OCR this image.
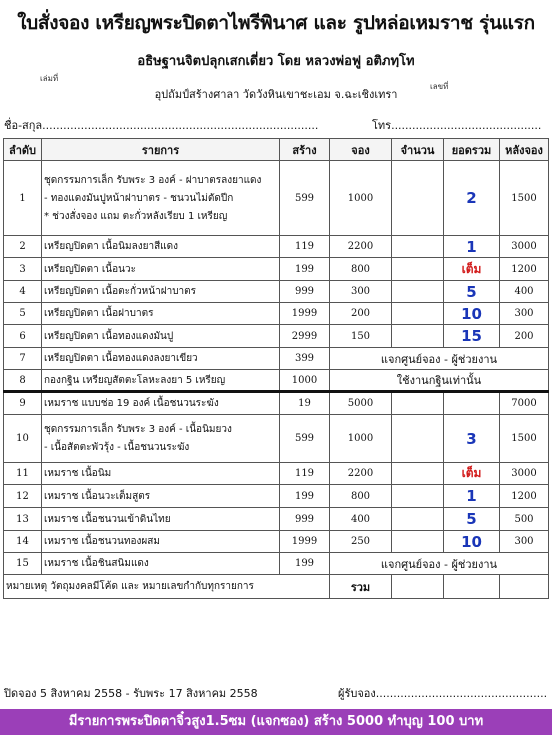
ใบสั่งจอง เหรียญพระปิดตาไพรีพินาศ และ รูปหล่อเหมราช รุ่นแรก
อธิษฐานจิตปลุกเสกเดี่ยว โดย หลวงพ่อฟู อติภทฺโท
เล่มที่
เลขที่
อุปถัมป์สร้างศาลา วัดวังหินเขาชะเอม จ.ฉะเชิงเทรา
ชื่อ-สกุล...............................................................................	โทร...........................................
ลำดับ	รายการ	สร้าง	จอง	จำนวน	ยอดรวม	หลังจอง
1	ชุดกรรมการเล็ก รับพระ 3 องค์ - ฝาบาตรลงยาแดง
- ทองแดงมันปูหน้าฝาบาตร - ชนวนไม่ตัดปีก
* ช่วงสั่งจอง แถม ตะกั่วหลังเรียบ 1 เหรียญ	599	1000		2	1500
2	เหรียญปิดตา เนื้อนิมลงยาสีแดง	119	2200		1	3000
3	เหรียญปิดตา เนื้อนวะ	199	800		เต็ม	1200
4	เหรียญปิดตา เนื้อตะกั่วหน้าฝาบาตร	999	300		5	400
5	เหรียญปิดตา เนื้อฝาบาตร	1999	200		10	300
6	เหรียญปิดตา เนื้อทองแดงมันปู	2999	150		15	200
7	เหรียญปิดตา เนื้อทองแดงลงยาเขียว	399	แจกศูนย์จอง - ผู้ช่วยงาน			
8	กองกฐิน เหรียญสัตตะโลหะลงยา 5 เหรียญ	1000	ใช้งานกฐินเท่านั้น			
9	เหมราช แบบช่อ 19 องค์ เนื้อชนวนระฆัง	19	5000			7000
10	ชุดกรรมการเล็ก รับพระ 3 องค์ - เนื้อนิมยวง
- เนื้อสัตตะพัวรุ้ง - เนื้อชนวนระฆัง	599	1000		3	1500
11	เหมราช เนื้อนิม	119	2200		เต็ม	3000
12	เหมราช เนื้อนวะเต็มสูตร	199	800		1	1200
13	เหมราช เนื้อชนวนเข้าดินไทย	999	400		5	500
14	เหมราช เนื้อชนวนทองผสม	1999	250		10	300
15	เหมราช เนื้อชินสนิมแดง	199	แจกศูนย์จอง - ผู้ช่วยงาน			
หมายเหตุ วัตถุมงคลมีโค้ด และ หมายเลขกำกับทุกรายการ			รวม			
ปิดจอง 5 สิงหาคม 2558 - รับพระ 17 สิงหาคม 2558	ผู้รับจอง.................................................
มีรายการพระปิดตาจิ๋วสูง1.5ซม (แจกซอง) สร้าง 5000 ทำบุญ 100 บาท
